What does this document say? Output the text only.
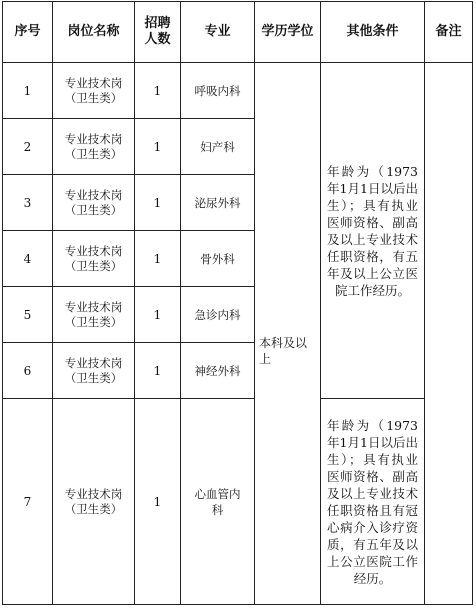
序号	岗位名称	招聘人数	专业	学历学位	其他条件	备注
1	专业技术岗
（卫生类）	1	呼吸内科	本科及以上	年龄为（1973年1月1日以后出生）；具有执业医师资格、副高及以上专业技术任职资格，有五年及以上公立医院工作经历。	
2	专业技术岗
（卫生类）	1	妇产科			
3	专业技术岗
（卫生类）	1	泌尿外科			
4	专业技术岗
（卫生类）	1	骨外科			
5	专业技术岗
（卫生类）	1	急诊内科			
6	专业技术岗
（卫生类）	1	神经外科			
7	专业技术岗
（卫生类）	1	心血管内科		年龄为（1973年1月1日以后出生）；具有执业医师资格、副高及以上专业技术任职资格且有冠心病介入诊疗资质，有五年及以上公立医院工作经历。	
